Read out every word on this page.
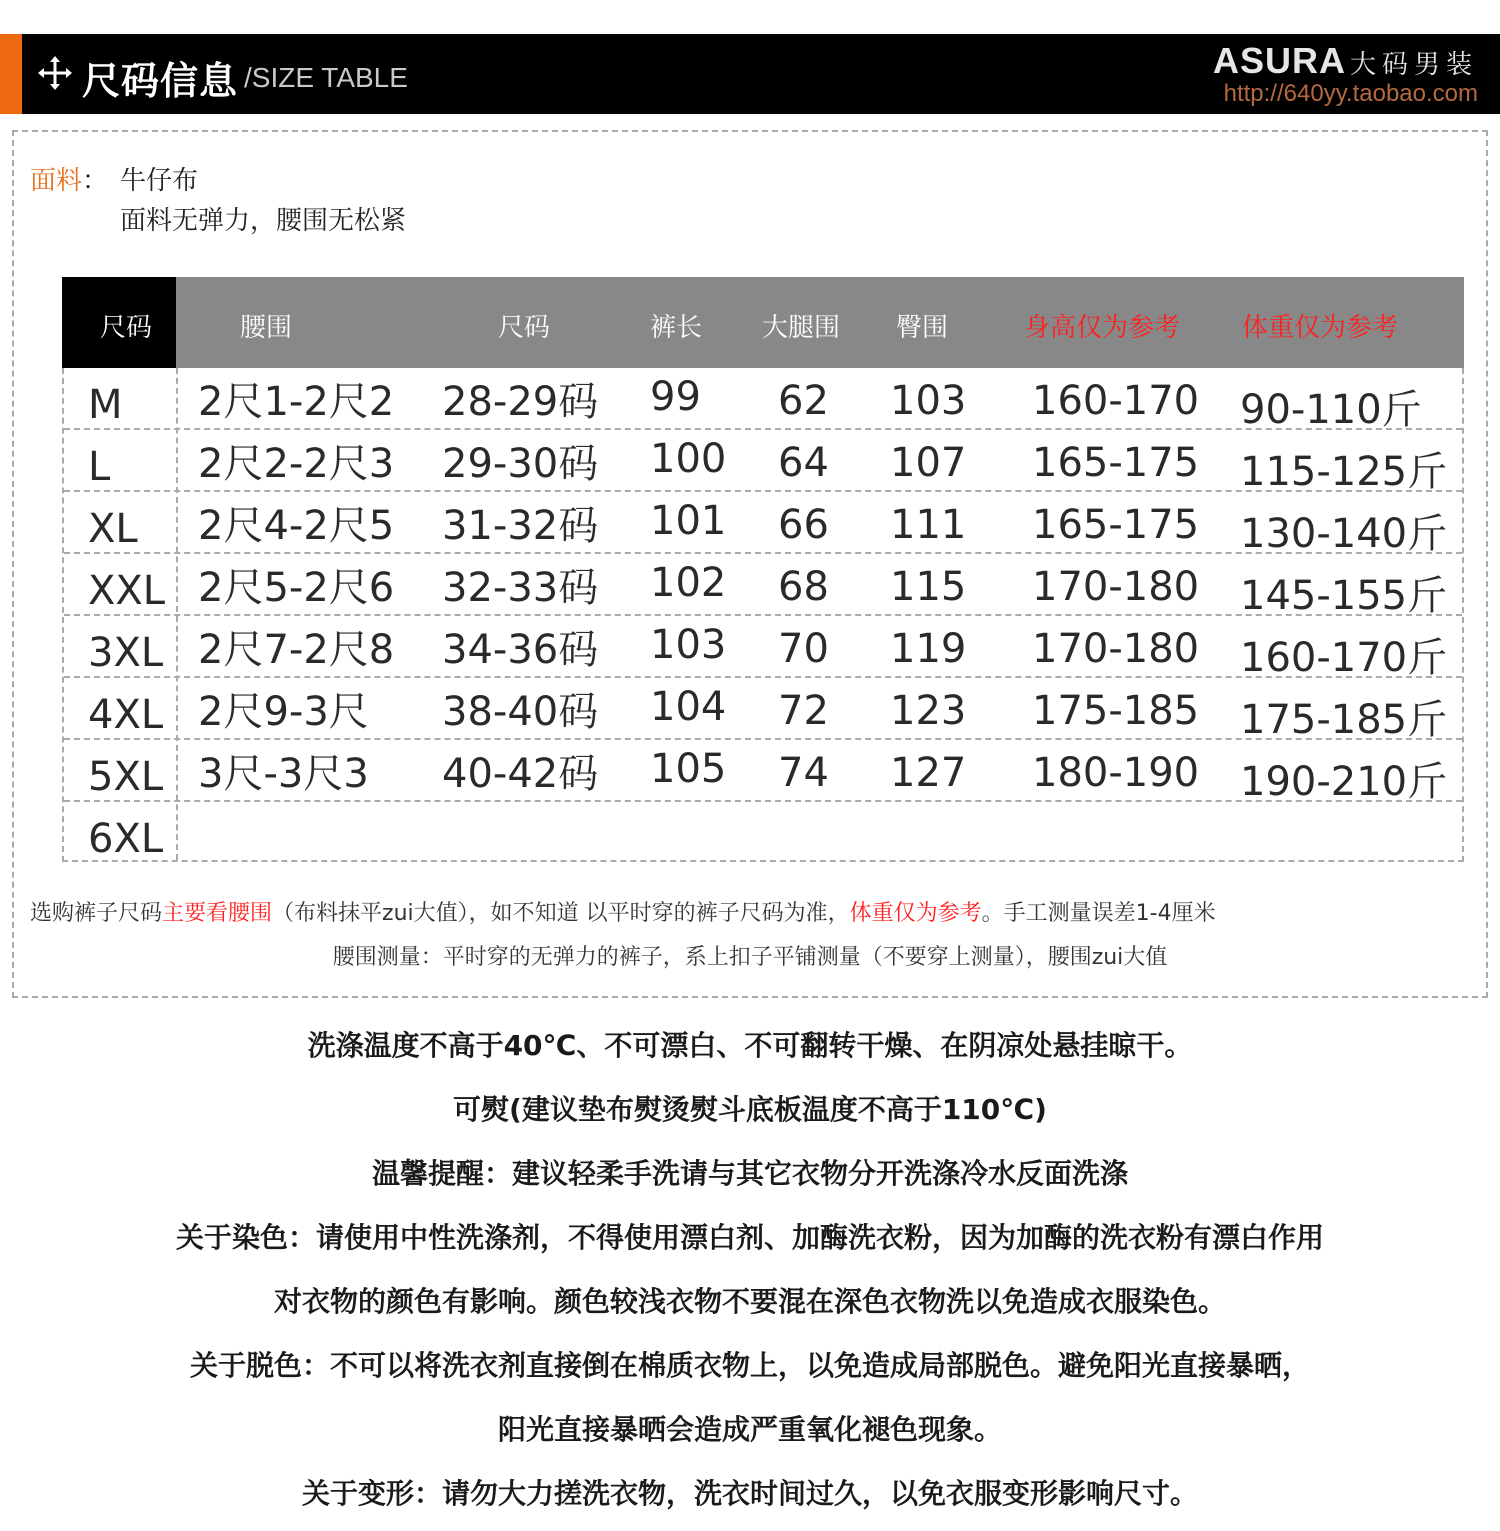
尺码信息 /SIZE TABLE	ASURA 大码男装
http://640yy.taobao.com
面料： 牛仔布
面料无弹力，腰围无松紧
尺码	腰围	尺码	裤长 大腿围 臀围	身高仅为参考 体重仅为参考
M 2尺1-2尺2 28-29码 99 62 103 160-170 90-110斤
L 2尺2-2尺3 29-30码 100 64 107 165-175 115-125斤
XL 2尺4-2尺5 31-32码 101 66 111 165-175 130-140斤
XXL 2尺5-2尺6 32-33码 102 68 115 170-180 145-155斤
3XL 2尺7-2尺8 34-36码 103 70 119 170-180 160-170斤
4XL 2尺9-3尺 38-40码 104 72 123 175-185 175-185斤
5XL 3尺-3尺3 40-42码 105 74 127 180-190 190-210斤
6XL
选购裤子尺码主要看腰围（布料抹平zui大值），如不知道 以平时穿的裤子尺码为准，体重仅为参考。手工测量误差1-4厘米
腰围测量：平时穿的无弹力的裤子，系上扣子平铺测量（不要穿上测量），腰围zui大值
洗涤温度不高于40℃、不可漂白、不可翻转干燥、在阴凉处悬挂晾干。
可熨(建议垫布熨烫熨斗底板温度不高于110℃)
温馨提醒：建议轻柔手洗请与其它衣物分开洗涤冷水反面洗涤
关于染色：请使用中性洗涤剂，不得使用漂白剂、加酶洗衣粉，因为加酶的洗衣粉有漂白作用
对衣物的颜色有影响。颜色较浅衣物不要混在深色衣物洗以免造成衣服染色。
关于脱色：不可以将洗衣剂直接倒在棉质衣物上，以免造成局部脱色。避免阳光直接暴晒，
阳光直接暴晒会造成严重氧化褪色现象。
关于变形：请勿大力搓洗衣物，洗衣时间过久，以免衣服变形影响尺寸。
